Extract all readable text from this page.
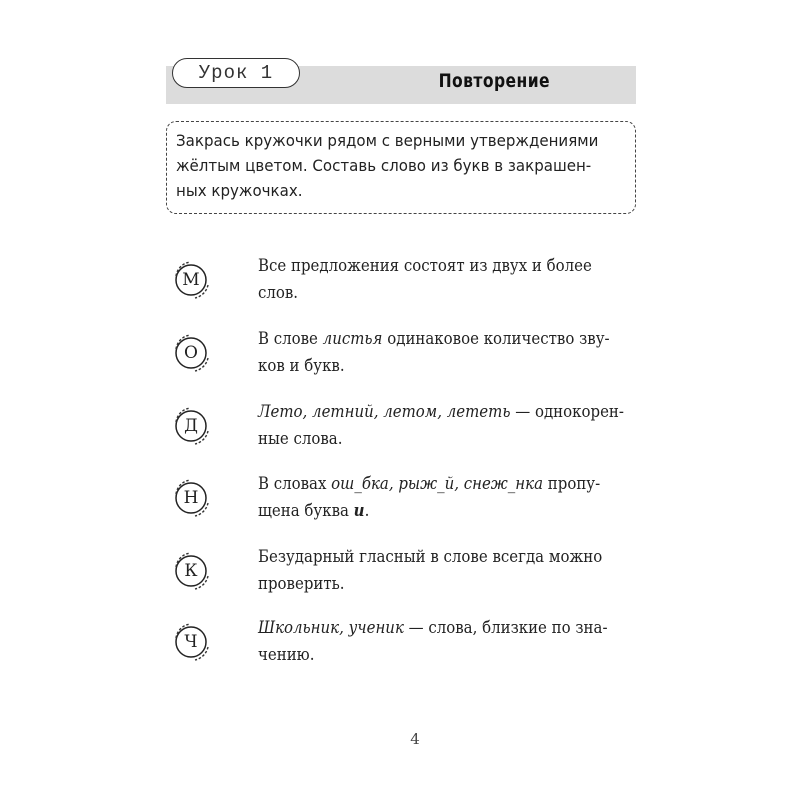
Урок 1	Повторение
Закрась кружочки рядом с верными утверждениями
жёлтым цветом. Составь слово из букв в закрашен-
ных кружочках.
М
Все предложения состоят из двух и более
слов.
О
В слове листья одинаковое количество зву-
ков и букв.
Д
Лето, летний, летом, лететь — однокорен-
ные слова.
Н
В словах ош_бка, рыж_й, снеж_нка пропу-
щена буква и.
К
Безударный гласный в слове всегда можно
проверить.
Ч
Школьник, ученик — слова, близкие по зна-
чению.
4
